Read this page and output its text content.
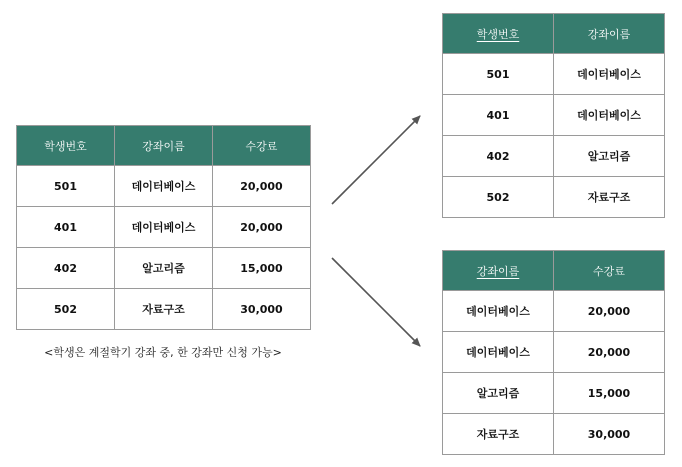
학생번호	강좌이름	수강료
501	데이터베이스	20,000
401	데이터베이스	20,000
402	알고리즘	15,000
502	자료구조	30,000
<학생은 계절학기 강좌 중, 한 강좌만 신청 가능>
학생번호	강좌이름
501	데이터베이스
401	데이터베이스
402	알고리즘
502	자료구조
강좌이름	수강료
데이터베이스	20,000
데이터베이스	20,000
알고리즘	15,000
자료구조	30,000
